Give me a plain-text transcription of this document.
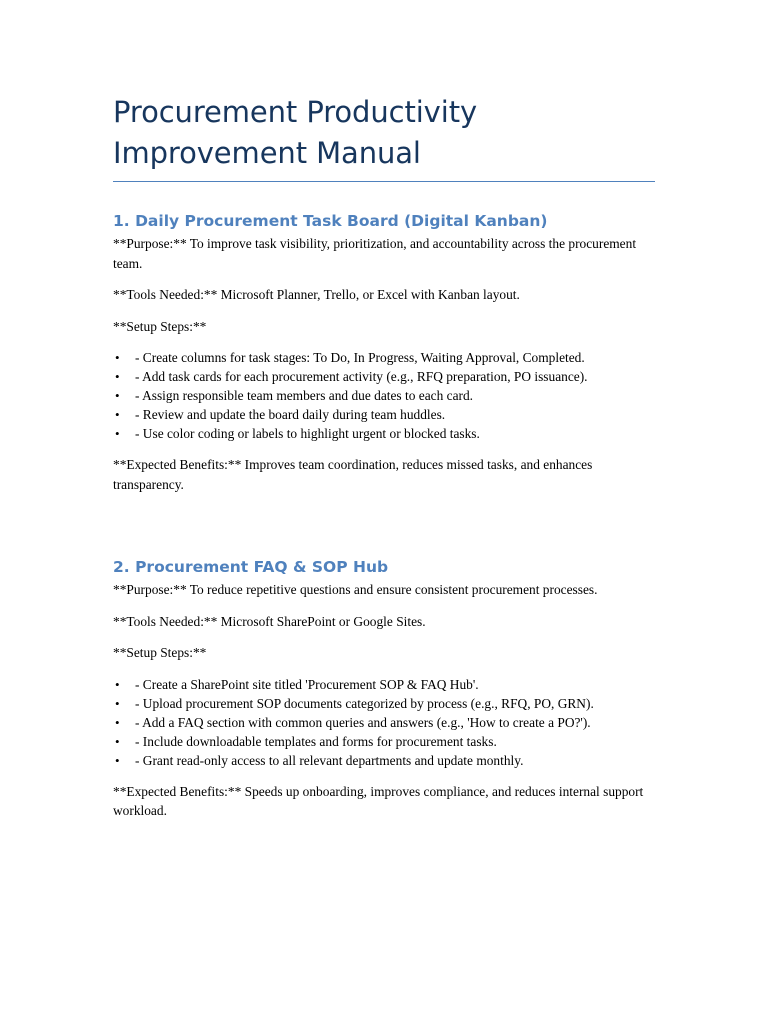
Procurement Productivity Improvement Manual
1. Daily Procurement Task Board (Digital Kanban)

**Purpose:** To improve task visibility, prioritization, and accountability across the procurement team.

**Tools Needed:** Microsoft Planner, Trello, or Excel with Kanban layout.

**Setup Steps:**

• - Create columns for task stages: To Do, In Progress, Waiting Approval, Completed.
• - Add task cards for each procurement activity (e.g., RFQ preparation, PO issuance).
• - Assign responsible team members and due dates to each card.
• - Review and update the board daily during team huddles.
• - Use color coding or labels to highlight urgent or blocked tasks.

**Expected Benefits:** Improves team coordination, reduces missed tasks, and enhances transparency.

2. Procurement FAQ & SOP Hub

**Purpose:** To reduce repetitive questions and ensure consistent procurement processes.

**Tools Needed:** Microsoft SharePoint or Google Sites.

**Setup Steps:**

• - Create a SharePoint site titled 'Procurement SOP & FAQ Hub'.
• - Upload procurement SOP documents categorized by process (e.g., RFQ, PO, GRN).
• - Add a FAQ section with common queries and answers (e.g., 'How to create a PO?').
• - Include downloadable templates and forms for procurement tasks.
• - Grant read-only access to all relevant departments and update monthly.

**Expected Benefits:** Speeds up onboarding, improves compliance, and reduces internal support workload.
